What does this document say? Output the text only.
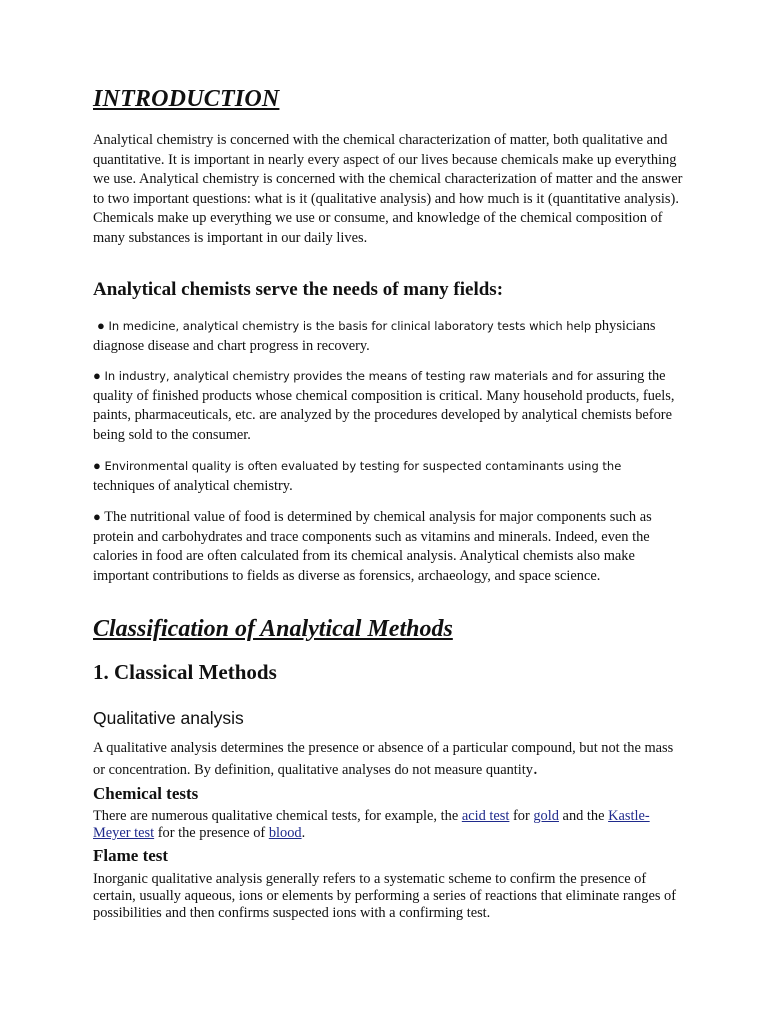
INTRODUCTION

Analytical chemistry is concerned with the chemical characterization of matter, both qualitative and quantitative. It is important in nearly every aspect of our lives because chemicals make up everything we use. Analytical chemistry is concerned with the chemical characterization of matter and the answer to two important questions: what is it (qualitative analysis) and how much is it (quantitative analysis). Chemicals make up everything we use or consume, and knowledge of the chemical composition of many substances is important in our daily lives.

Analytical chemists serve the needs of many fields:

● In medicine, analytical chemistry is the basis for clinical laboratory tests which help physicians diagnose disease and chart progress in recovery.

● In industry, analytical chemistry provides the means of testing raw materials and for assuring the quality of finished products whose chemical composition is critical. Many household products, fuels, paints, pharmaceuticals, etc. are analyzed by the procedures developed by analytical chemists before being sold to the consumer.

● Environmental quality is often evaluated by testing for suspected contaminants using the techniques of analytical chemistry.

● The nutritional value of food is determined by chemical analysis for major components such as protein and carbohydrates and trace components such as vitamins and minerals. Indeed, even the calories in food are often calculated from its chemical analysis. Analytical chemists also make important contributions to fields as diverse as forensics, archaeology, and space science.

Classification of Analytical Methods
1. Classical Methods
Qualitative analysis

A qualitative analysis determines the presence or absence of a particular compound, but not the mass or concentration. By definition, qualitative analyses do not measure quantity.

Chemical tests

There are numerous qualitative chemical tests, for example, the acid test for gold and the Kastle-Meyer test for the presence of blood.

Flame test

Inorganic qualitative analysis generally refers to a systematic scheme to confirm the presence of certain, usually aqueous, ions or elements by performing a series of reactions that eliminate ranges of possibilities and then confirms suspected ions with a confirming test.
